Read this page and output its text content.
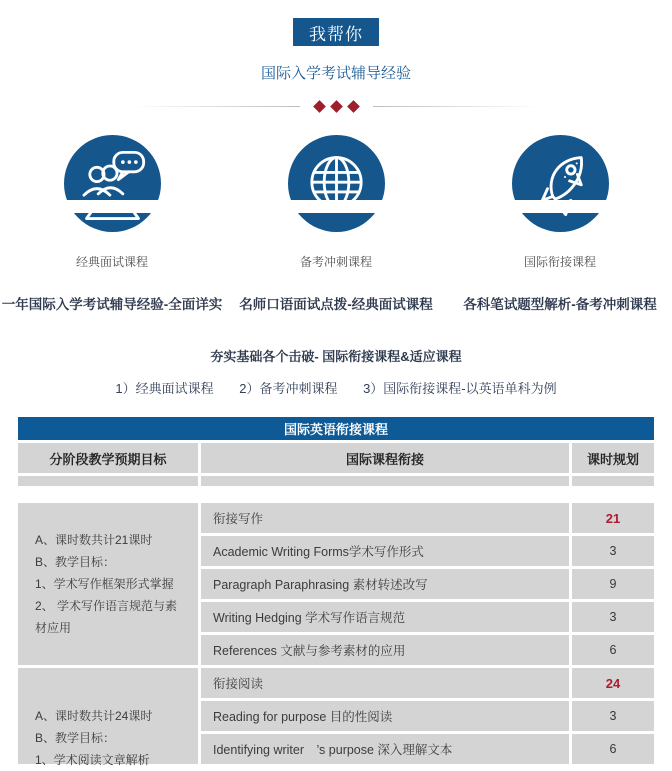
我帮你
国际入学考试辅导经验
经典面试课程	备考冲刺课程	国际衔接课程
一年国际入学考试辅导经验-全面详实	名师口语面试点拨-经典面试课程	各科笔试题型解析-备考冲刺课程
夯实基础各个击破- 国际衔接课程&适应课程
1）经典面试课程 2）备考冲刺课程 3）国际衔接课程-以英语单科为例
国际英语衔接课程
分阶段教学预期目标	国际课程衔接	课时规划
A、课时数共计21课时
B、教学目标：
1、学术写作框架形式掌握
2、 学术写作语言规范与素材应用
衔接写作	21
Academic Writing Forms学术写作形式	3
Paragraph Paraphrasing 素材转述改写	9
Writing Hedging 学术写作语言规范	3
References 文献与参考素材的应用	6
A、课时数共计24课时
B、教学目标：
1、学术阅读文章解析
衔接阅读	24
Reading for purpose 目的性阅读	3
Identifying writer　’s purpose 深入理解文本	6
